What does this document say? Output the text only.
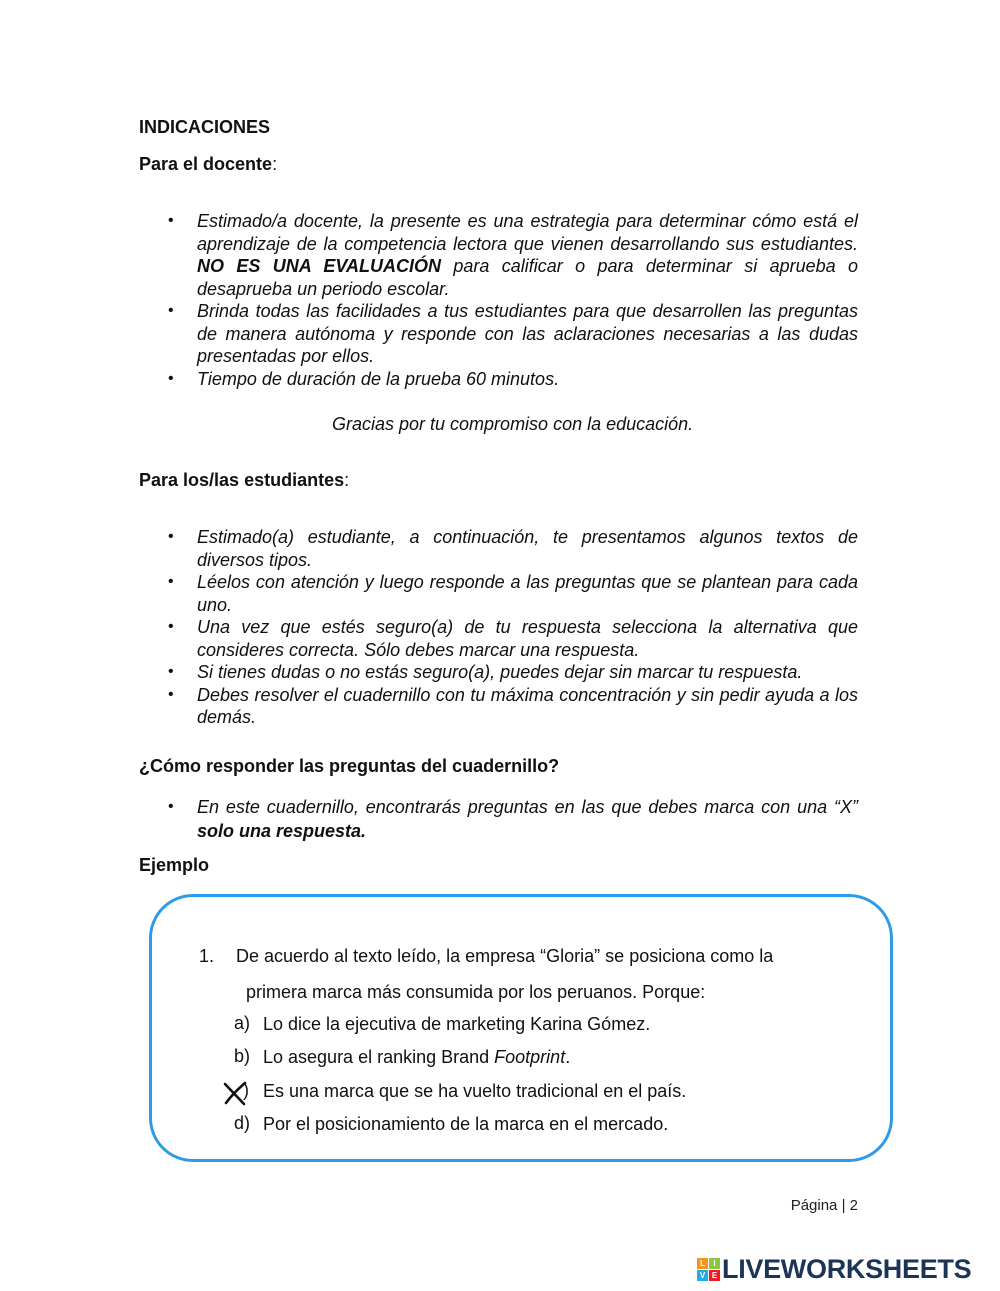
INDICACIONES
Para el docente:
• Estimado/a docente, la presente es una estrategia para determinar cómo está el aprendizaje de la competencia lectora que vienen desarrollando sus estudiantes. NO ES UNA EVALUACIÓN para calificar o para determinar si aprueba o desaprueba un periodo escolar.
• Brinda todas las facilidades a tus estudiantes para que desarrollen las preguntas de manera autónoma y responde con las aclaraciones necesarias a las dudas presentadas por ellos.
• Tiempo de duración de la prueba 60 minutos.
Gracias por tu compromiso con la educación.
Para los/las estudiantes:
• Estimado(a) estudiante, a continuación, te presentamos algunos textos de diversos tipos.
• Léelos con atención y luego responde a las preguntas que se plantean para cada uno.
• Una vez que estés seguro(a) de tu respuesta selecciona la alternativa que consideres correcta. Sólo debes marcar una respuesta.
• Si tienes dudas o no estás seguro(a), puedes dejar sin marcar tu respuesta.
• Debes resolver el cuadernillo con tu máxima concentración y sin pedir ayuda a los demás.
¿Cómo responder las preguntas del cuadernillo?
• En este cuadernillo, encontrarás preguntas en las que debes marca con una “X” solo una respuesta.
Ejemplo
1. De acuerdo al texto leído, la empresa “Gloria” se posiciona como la
primera marca más consumida por los peruanos. Porque:
a) Lo dice la ejecutiva de marketing Karina Gómez.
b) Lo asegura el ranking Brand Footprint.
) Es una marca que se ha vuelto tradicional en el país.
d) Por el posicionamiento de la marca en el mercado.
Página | 2
L	I
V E LIVEWORKSHEETS
